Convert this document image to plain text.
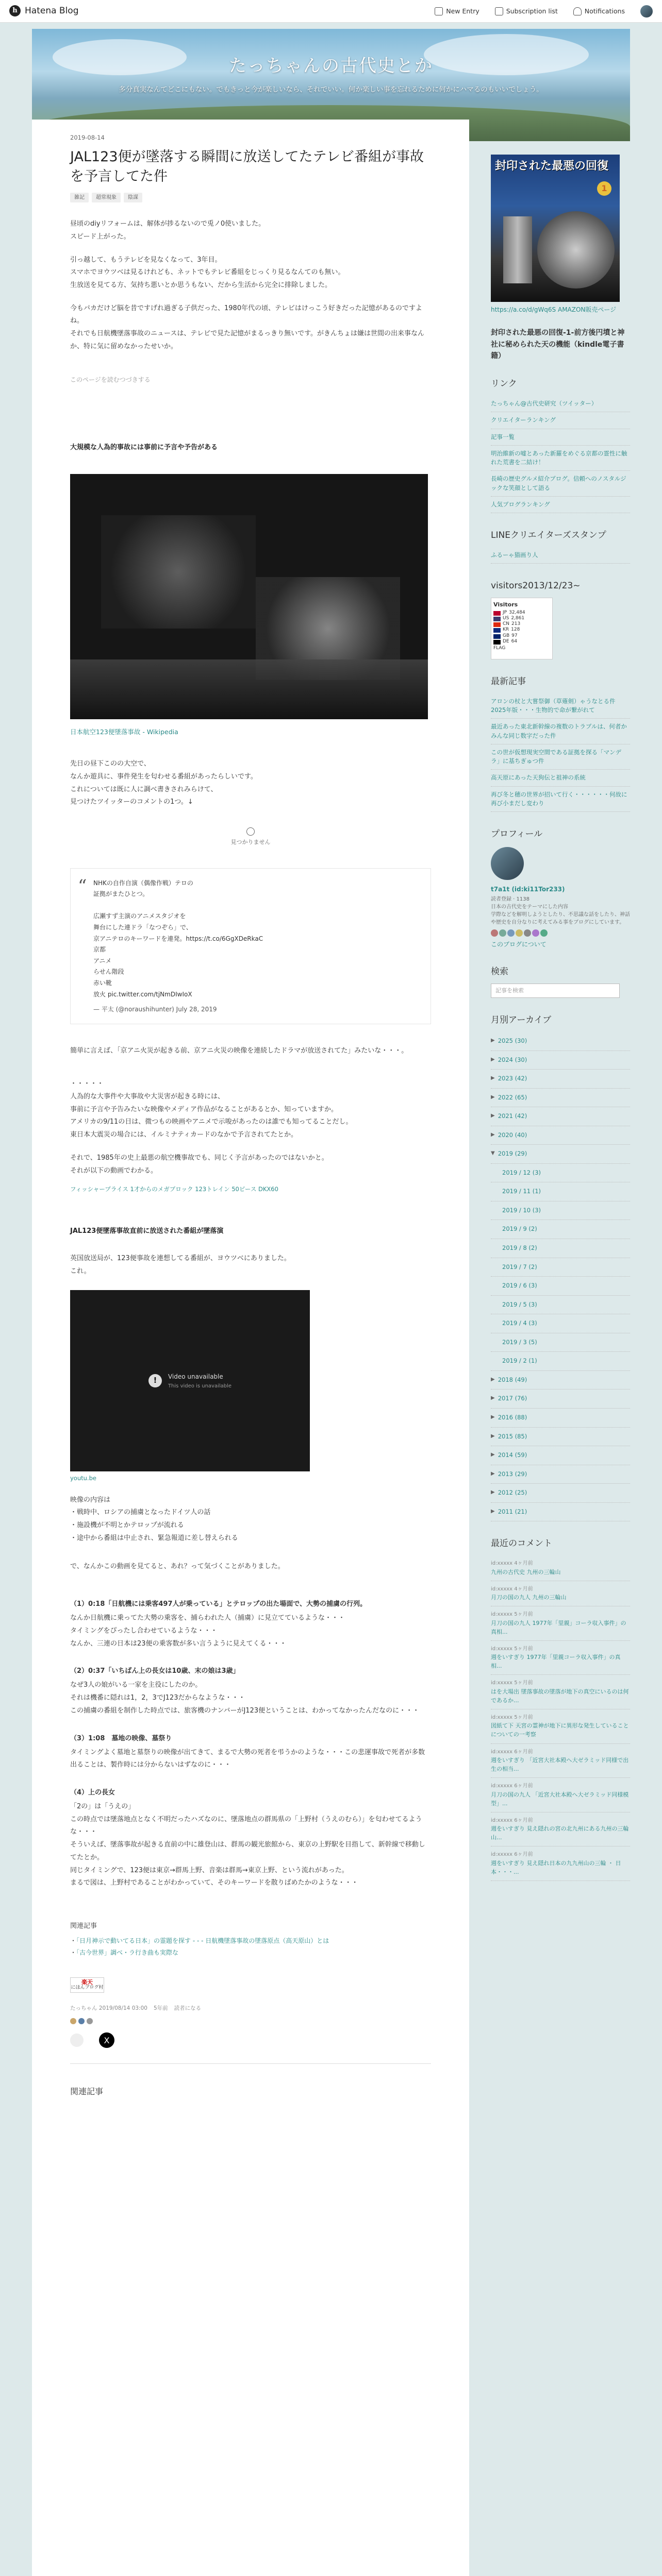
h Hatena Blog	New Entry	Subscription list	Notifications
たっちゃんの古代史とか
多分真実なんてどこにもない。でもきっと今が楽しいなら、それでいい。何か楽しい事を忘れるために何かにハマるのもいいでしょう。
2019-08-14
JAL123便が墜落する瞬間に放送してたテレビ番組が事故を予言してた件
雑記	超常現象	陰謀

昼頃のdiyリフォームは、解体が捗るないので兎ノ0使いました。
スピード上がった。

引っ越して、もうテレビを見なくなって、3年目。
スマホでヨウツベは見るけれども、ネットでもテレビ番組をじっくり見るなんてのも無い。
生放送を見てる方、気持ち悪いとか思うもない、だから生活から完全に排除しました。

今もパカだけど脳を昔ですげれ過ぎる子供だった、1980年代の頃、テレビはけっこう好きだった記憶があるのですよね。
それでも日航機墜落事故のニュースは、テレビで見た記憶がまるっきり無いです。がきんちょは嫌は世間の出来事なんか、特に気に留めなかったせいか。

このページを読むつづきする
大規模な人為的事故には事前に予言や予告がある
日本航空123便墜落事故 - Wikipedia

先日の昼下このの大空で、
なんか遊具に、事件発生を匂わせる番組があったらしいです。
これについては既に人に調べ書きされみらけて、
見つけたツイッターのコメントの1つ。↓

見つかりません
“	NHKの自作自演（偶像作戦）テロの
証拠がまたひとつ。

広瀬すず主演のアニメスタジオを
舞台にした連ドラ「なつぞら」で、
京アニテロのキーワードを連発。https://t.co/6GgXDeRkaC
京都
アニメ
らせん階段
赤い靴
放火 pic.twitter.com/tjNmDIwIoX
— 平太 (@noraushihunter) July 28, 2019

簡単に言えば、「京アニ火災が起きる前、京アニ火災の映像を連続したドラマが放送されてた」みたいな・・・。

・・・・・
人為的な大事件や大事故や大災害が起きる時には、
事前に予言や予告みたいな映像やメディア作品がなることがあるとか、知っていますか。
アメリカの9/11の日は、微つもの映画やアニメで示唆があったのは誰でも知ってることだし。
東日本大震災の場合には、イルミナティカードのなかで予言されてたとか。

それで、1985年の史上最悪の航空機事故でも、同じく予言があったのではないかと。
それが以下の動画でわかる。

フィッシャープライス 1才からのメガブロック 123トレイン 50ピース DKX60
JAL123便墜落事故直前に放送された番組が墜落演

英国放送局が、123便事故を連想してる番組が、ヨウツベにありました。
これ。

!	Video unavailable
This video is unavailable
youtu.be

映像の内容は
・戦時中、ロシアの捕虜となったドイツ人の話
・施設機が不明とかテロップが流れる
・途中から番組は中止され、緊急報道に差し替えられる

で、なんかこの動画を見てると、あれ？って気づくことがありました。

（1）0:18「日航機には乗客497人が乗っている」とテロップの出た場面で、大勢の捕虜の行列。

なんか日航機に乗ってた大勢の乗客を、捕らわれた人（捕虜）に見立てているような・・・
タイミングをぴったし合わせているような・・・
なんか、三連の日本は23便の乗客数が多い言うように見えてくる・・・

（2）0:37「いちばん上の長女は10歳、末の娘は3歳」

なぜ3人の娘がいる一家を主役にしたのか。
それは機番に隠れは1，2，3でJ123だからなような・・・
この捕虜の番組を制作した時点では、旅客機のナンバーがJ123便ということは、わかってなかったんだなのに・・・

（3）1:08　墓地の映像、墓祭り

タイミングよく墓地と墓祭りの映像が出てきて、まるで大勢の死者を弔うかのような・・・この悲運事故で死者が多数出ることは、製作時には分からないはずなのに・・・

（4）上の長女

「2の」は「うえの」
この時点では墜落地点となく不明だったハズなのに、墜落地点の群馬県の「上野村（うえのむら）」を匂わせてるような・・・
そういえば、墜落事故が起きる直前の中に雄登山は、群馬の観光旅館から、東京の上野駅を目指して、新幹線で移動してたとか。
同じタイミングで、123便は東京→群馬上野、音楽は群馬→東京上野、という流れがあった。
まるで図は、上野村であることがわかっていて、そのキーワードを散りばめたかのような・・・

関連記事
・「日月神示で動いてる日本」の霊題を探す - - - 日航機墜落事故の墜落原点（高天原山）とは
・「古今世界」調べ・ラ行き曲も実際な
楽天
にほんブログ村
たっちゃん 2019/08/14 03:00 5年前 読者になる
X
関連記事
封印された最悪の回復
1
https://a.co/d/gWq6S AMAZON販売ページ
封印された最悪の回復-1-前方後円墳と神社に秘められた天の機能（kindle電子書籍）
リンク
たっちゃん@古代史研究（ツイッター）
クリエイターランキング
記事一覧
明治維新の嘘とあった新羅をめぐる京都の霊性に触れた荒書を二結け！
長崎の歴史グルメ紹介ブログ。信頼へのノスタルジックな笑顔として語る
人気ブログランキング
LINEクリエイターズスタンプ
ふるーゃ猫画り人
visitors2013/12/23~
Visitors
JP 32,484
US 2,861
CN 213
KR 128
GB 97
DE 64
FLAG
最新記事
アロンの杖と大嘗祭御（草薙剣）ゃうなとる件　2025年版・・・生物的で命が繋がれて
最近あった東北新幹線の複数のトラブルは、何者かみんな同じ数字だった件
この世が仮想現実空間である証拠を探る「マンデラ」に基ちぎゅつ件
高天原にあった天狗伝と祖神の系統
再び冬と穂の世界が招いて行く・・・・・・何故に再び小まだし変わり
プロフィール
t7a1t (id:ki11Tor233)
読者登録 · 1138
日本の古代史をテーマにした内容
学際などを解明しようとしたり、不思議な話をしたり、神話や歴史を自分なりに考えてみる事をブログにしています。
このブログについて
検索
記事を検索
月別アーカイブ
▶ 2025 (30)
▶ 2024 (30)
▶ 2023 (42)
▶ 2022 (65)
▶ 2021 (42)
▶ 2020 (40)
▼ 2019 (29)
2019 / 12 (3)
2019 / 11 (1)
2019 / 10 (3)
2019 / 9 (2)
2019 / 8 (2)
2019 / 7 (2)
2019 / 6 (3)
2019 / 5 (3)
2019 / 4 (3)
2019 / 3 (5)
2019 / 2 (1)
▶ 2018 (49)
▶ 2017 (76)
▶ 2016 (88)
▶ 2015 (85)
▶ 2014 (59)
▶ 2013 (29)
▶ 2012 (25)
▶ 2011 (21)
最近のコメント
id:xxxxx 4ヶ月前
九州の古代史 九州の三輪山
id:xxxxx 4ヶ月前
月刀の国の九人 九州の三輪山
id:xxxxx 5ヶ月前
月刀の国の九人 1977年「里親」コーラ収入事件」の真相...
id:xxxxx 5ヶ月前
週をいすぎり 1977年「里親コーラ収入事件」の真相...
id:xxxxx 5ヶ月前
はを大場出 墜落事故の墜落が地下の真空にいるのは何であるか...
id:xxxxx 5ヶ月前
図紙て下 天宮の霊神が地下に異形な発生していることについての一考察
id:xxxxx 6ヶ月前
週をいすぎり 「近宮大社本殿へ大ゼラミッド同様で出生の相当...
id:xxxxx 6ヶ月前
月刀の国の九人 「近宮大社本殿へ大ゼラミッド同様模型」...
id:xxxxx 6ヶ月前
週をいすぎり 見え隠れの宮の北九州にある九州の三輪山...
id:xxxxx 6ヶ月前
週をいすぎり 見え隠れ日本の九九州山の三輪 ・ 日本・・・...
